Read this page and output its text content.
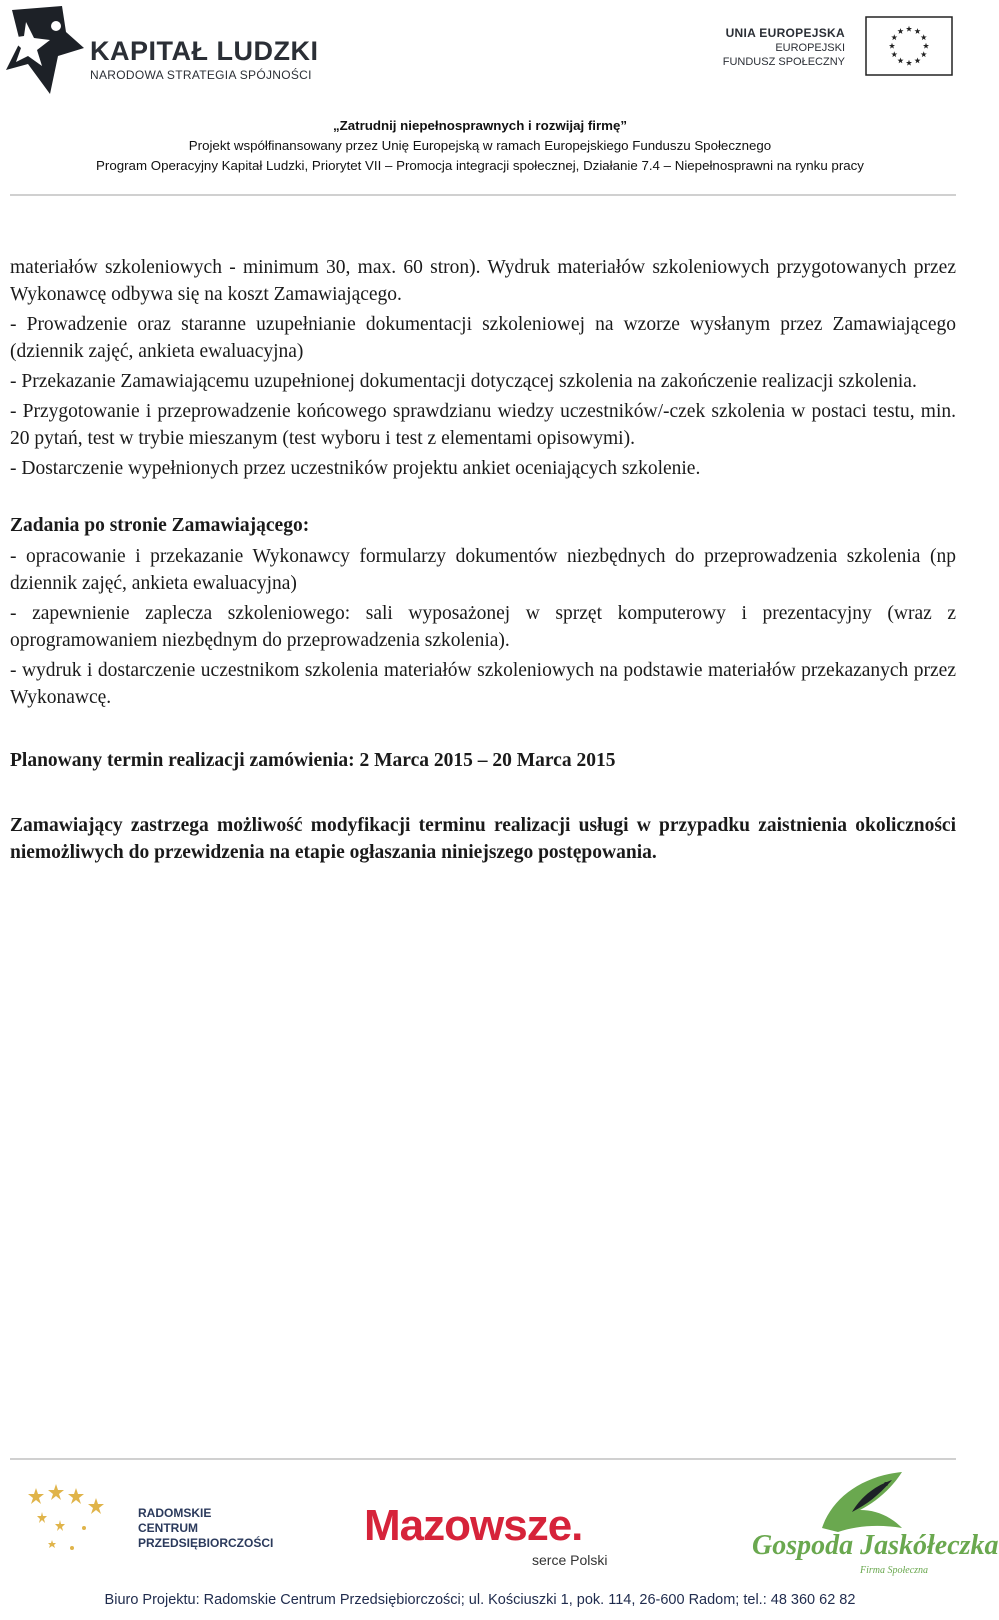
KAPITAŁ LUDZKI
NARODOWA STRATEGIA SPÓJNOŚCI
UNIA EUROPEJSKA
EUROPEJSKI
FUNDUSZ SPOŁECZNY
„Zatrudnij niepełnosprawnych i rozwijaj firmę”
Projekt współfinansowany przez Unię Europejską w ramach Europejskiego Funduszu Społecznego
Program Operacyjny Kapitał Ludzki, Priorytet VII – Promocja integracji społecznej, Działanie 7.4 – Niepełnosprawni na rynku pracy

materiałów szkoleniowych - minimum 30, max. 60 stron). Wydruk materiałów szkoleniowych przygotowanych przez Wykonawcę odbywa się na koszt Zamawiającego.

- Prowadzenie oraz staranne uzupełnianie dokumentacji szkoleniowej na wzorze wysłanym przez Zamawiającego (dziennik zajęć, ankieta ewaluacyjna)

- Przekazanie Zamawiającemu uzupełnionej dokumentacji dotyczącej szkolenia na zakończenie realizacji szkolenia.

- Przygotowanie i przeprowadzenie końcowego sprawdzianu wiedzy uczestników/-czek szkolenia w postaci testu, min. 20 pytań, test w trybie mieszanym (test wyboru i test z elementami opisowymi).

- Dostarczenie wypełnionych przez uczestników projektu ankiet oceniających szkolenie.

Zadania po stronie Zamawiającego:

- opracowanie i przekazanie Wykonawcy formularzy dokumentów niezbędnych do przeprowadzenia szkolenia (np dziennik zajęć, ankieta ewaluacyjna)

- zapewnienie zaplecza szkoleniowego: sali wyposażonej w sprzęt komputerowy i prezentacyjny (wraz z oprogramowaniem niezbędnym do przeprowadzenia szkolenia).

- wydruk i dostarczenie uczestnikom szkolenia materiałów szkoleniowych na podstawie materiałów przekazanych przez Wykonawcę.

Planowany termin realizacji zamówienia: 2 Marca 2015 – 20 Marca 2015

Zamawiający zastrzega możliwość modyfikacji terminu realizacji usługi w przypadku zaistnienia okoliczności niemożliwych do przewidzenia na etapie ogłaszania niniejszego postępowania.

RADOMSKIE
CENTRUM
PRZEDSIĘBIORCZOŚCI Mazowsze.
serce Polski	Gospoda Jaskółeczka
Firma Społeczna
Biuro Projektu: Radomskie Centrum Przedsiębiorczości; ul. Kościuszki 1, pok. 114, 26-600 Radom; tel.: 48 360 62 82
